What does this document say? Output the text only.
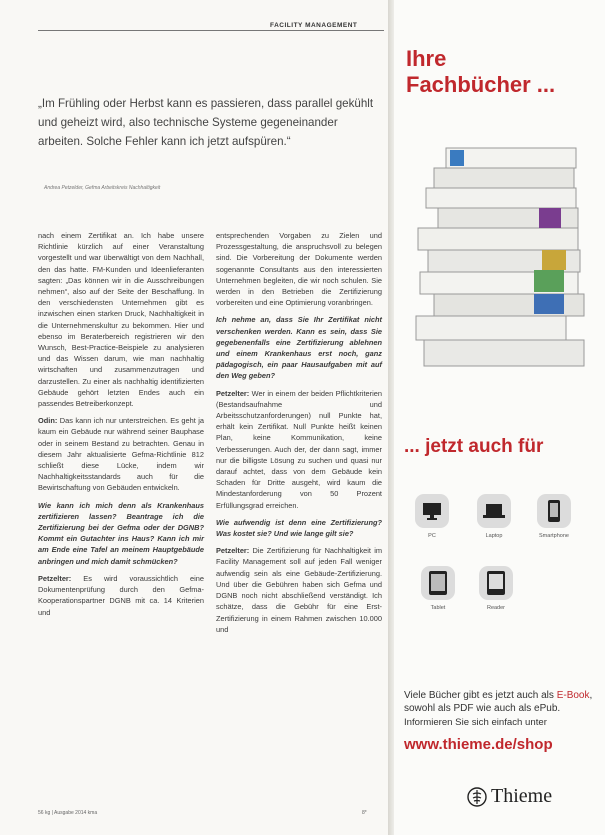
FACILITY MANAGEMENT
„Im Frühling oder Herbst kann es passieren, dass parallel gekühlt und geheizt wird, also technische Systeme gegeneinander arbeiten. Solche Fehler kann ich jetzt aufspüren.“
Andrea Petzelder, Gefma Arbeitskreis Nachhaltigkeit

nach einem Zertifikat an. Ich habe unsere Richtlinie kürzlich auf einer Veranstaltung vorgestellt und war überwältigt von dem Nachhall, den das hatte. FM-Kunden und Ideenlieferanten sagten: „Das können wir in die Ausschreibungen nehmen“, also auf der Seite der Beschaffung. In den verschiedensten Unternehmen gibt es inzwischen einen starken Druck, Nachhaltigkeit in die Unternehmenskultur zu bekommen. Hier und ebenso im Beraterbereich registrieren wir den Wunsch, Best-Practice-Beispiele zu analysieren und das Wissen darum, wie man nachhaltig wirtschaften und zusammenzutragen und darzustellen. Zu einer als nachhaltig identifizierten Gebäude gehört letzten Endes auch ein passendes Betreiberkonzept.

Odin: Das kann ich nur unterstreichen. Es geht ja kaum ein Gebäude nur während seiner Bauphase oder in seinem Bestand zu betrachten. Genau in diesem Jahr aktualisierte Gefma-Richtlinie 812 schließt diese Lücke, indem wir Nachhaltigkeitsstandards auch für die Bewirtschaftung von Gebäuden entwickeln.

Wie kann ich mich denn als Krankenhaus zertifizieren lassen? Beantrage ich die Zertifizierung bei der Gefma oder der DGNB? Kommt ein Gutachter ins Haus? Kann ich mir am Ende eine Tafel an meinem Hauptgebäude anbringen und mich damit schmücken?

Petzelter: Es wird voraussichtlich eine Dokumentenprüfung durch den Gefma-Kooperationspartner DGNB mit ca. 14 Kriterien und

entsprechenden Vorgaben zu Zielen und Prozessgestaltung, die anspruchsvoll zu belegen sind. Die Vorbereitung der Dokumente werden sogenannte Consultants aus den interessierten Unternehmen begleiten, die wir noch schulen. Sie werden in den Betrieben die Zertifizierung vorbereiten und eine Optimierung voranbringen.

Ich nehme an, dass Sie Ihr Zertifikat nicht verschenken werden. Kann es sein, dass Sie gegebenenfalls eine Zertifizierung ablehnen und einem Krankenhaus erst noch, ganz pädagogisch, ein paar Hausaufgaben mit auf den Weg geben?

Petzelter: Wer in einem der beiden Pflichtkriterien (Bestandsaufnahme und Arbeitsschutzanforderungen) null Punkte hat, erhält kein Zertifikat. Null Punkte heißt keinen Plan, keine Kommunikation, keine Verbesserungen. Auch der, der dann sagt, immer nur die billigste Lösung zu suchen und quasi nur darauf achtet, dass von dem Gebäude kein Schaden für Dritte ausgeht, wird kaum die Mindestanforderung von 50 Prozent Erfüllungsgrad erreichen.

Wie aufwendig ist denn eine Zertifizierung? Was kostet sie? Und wie lange gilt sie?

Petzelter: Die Zertifizierung für Nachhaltigkeit im Facility Management soll auf jeden Fall weniger aufwendig sein als eine Gebäude-Zertifizierung. Und über die Gebühren haben sich Gefma und DGNB noch nicht abschließend verständigt. Ich schätze, dass die Gebühr für eine Erst-Zertifizierung in einem Rahmen zwischen 10.000 und

56 kg | Ausgabe 2014 kma	8*
Ihre
Fachbücher ...
... jetzt auch für
PC	Laptop	Smartphone
Tablet	Reader
Viele Bücher gibt es jetzt auch als E-Book, sowohl als PDF wie auch als ePub.
Informieren Sie sich einfach unter
www.thieme.de/shop
Thieme
